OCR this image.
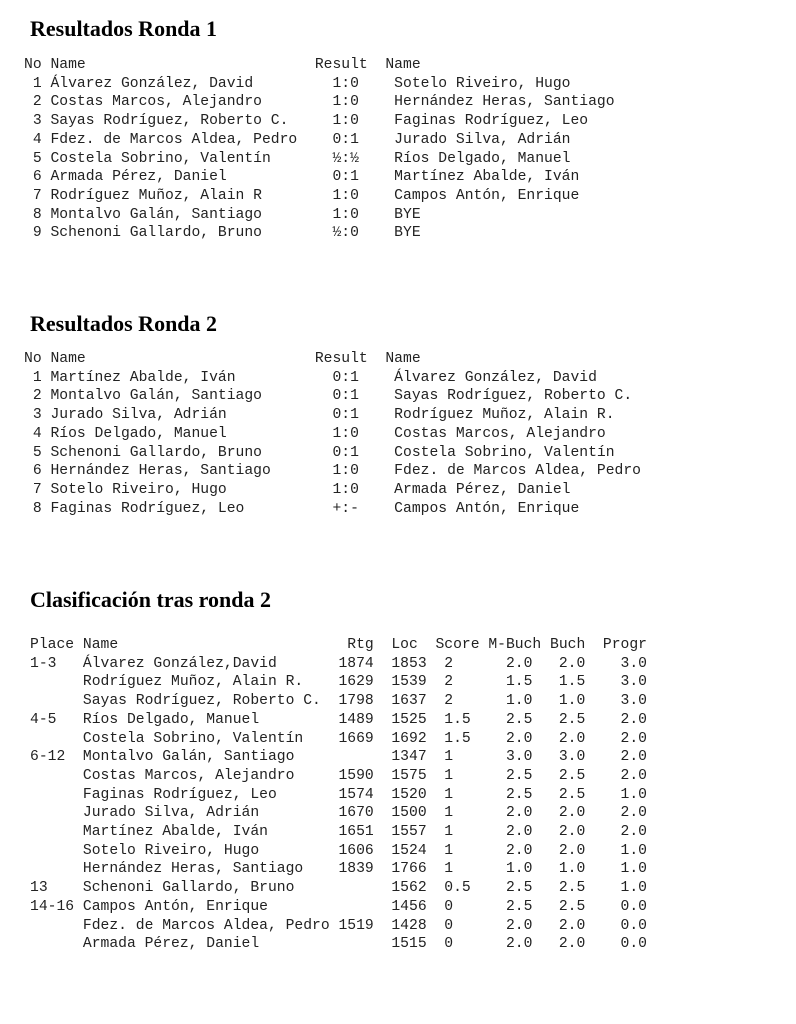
Resultados Ronda 1
No Name                          Result  Name
1 Álvarez González, David         1:0    Sotelo Riveiro, Hugo
2 Costas Marcos, Alejandro        1:0    Hernández Heras, Santiago
3 Sayas Rodríguez, Roberto C.     1:0    Faginas Rodríguez, Leo
4 Fdez. de Marcos Aldea, Pedro    0:1    Jurado Silva, Adrián
5 Costela Sobrino, Valentín       ½:½    Ríos Delgado, Manuel
6 Armada Pérez, Daniel            0:1    Martínez Abalde, Iván
7 Rodríguez Muñoz, Alain R        1:0    Campos Antón, Enrique
8 Montalvo Galán, Santiago        1:0    BYE
9 Schenoni Gallardo, Bruno        ½:0    BYE
Resultados Ronda 2
No Name                          Result  Name
1 Martínez Abalde, Iván           0:1    Álvarez González, David
2 Montalvo Galán, Santiago        0:1    Sayas Rodríguez, Roberto C.
3 Jurado Silva, Adrián            0:1    Rodríguez Muñoz, Alain R.
4 Ríos Delgado, Manuel            1:0    Costas Marcos, Alejandro
5 Schenoni Gallardo, Bruno        0:1    Costela Sobrino, Valentín
6 Hernández Heras, Santiago       1:0    Fdez. de Marcos Aldea, Pedro
7 Sotelo Riveiro, Hugo            1:0    Armada Pérez, Daniel
8 Faginas Rodríguez, Leo          +:-    Campos Antón, Enrique
Clasificación tras ronda 2
Place Name                          Rtg  Loc  Score M-Buch Buch  Progr
1-3   Álvarez González,David       1874  1853  2      2.0   2.0    3.0
Rodríguez Muñoz, Alain R.    1629  1539  2      1.5   1.5    3.0
Sayas Rodríguez, Roberto C.  1798  1637  2      1.0   1.0    3.0
4-5   Ríos Delgado, Manuel         1489  1525  1.5    2.5   2.5    2.0
Costela Sobrino, Valentín    1669  1692  1.5    2.0   2.0    2.0
6-12  Montalvo Galán, Santiago           1347  1      3.0   3.0    2.0
Costas Marcos, Alejandro     1590  1575  1      2.5   2.5    2.0
Faginas Rodríguez, Leo       1574  1520  1      2.5   2.5    1.0
Jurado Silva, Adrián         1670  1500  1      2.0   2.0    2.0
Martínez Abalde, Iván        1651  1557  1      2.0   2.0    2.0
Sotelo Riveiro, Hugo         1606  1524  1      2.0   2.0    1.0
Hernández Heras, Santiago    1839  1766  1      1.0   1.0    1.0
13    Schenoni Gallardo, Bruno           1562  0.5    2.5   2.5    1.0
14-16 Campos Antón, Enrique              1456  0      2.5   2.5    0.0
Fdez. de Marcos Aldea, Pedro 1519  1428  0      2.0   2.0    0.0
Armada Pérez, Daniel               1515  0      2.0   2.0    0.0
